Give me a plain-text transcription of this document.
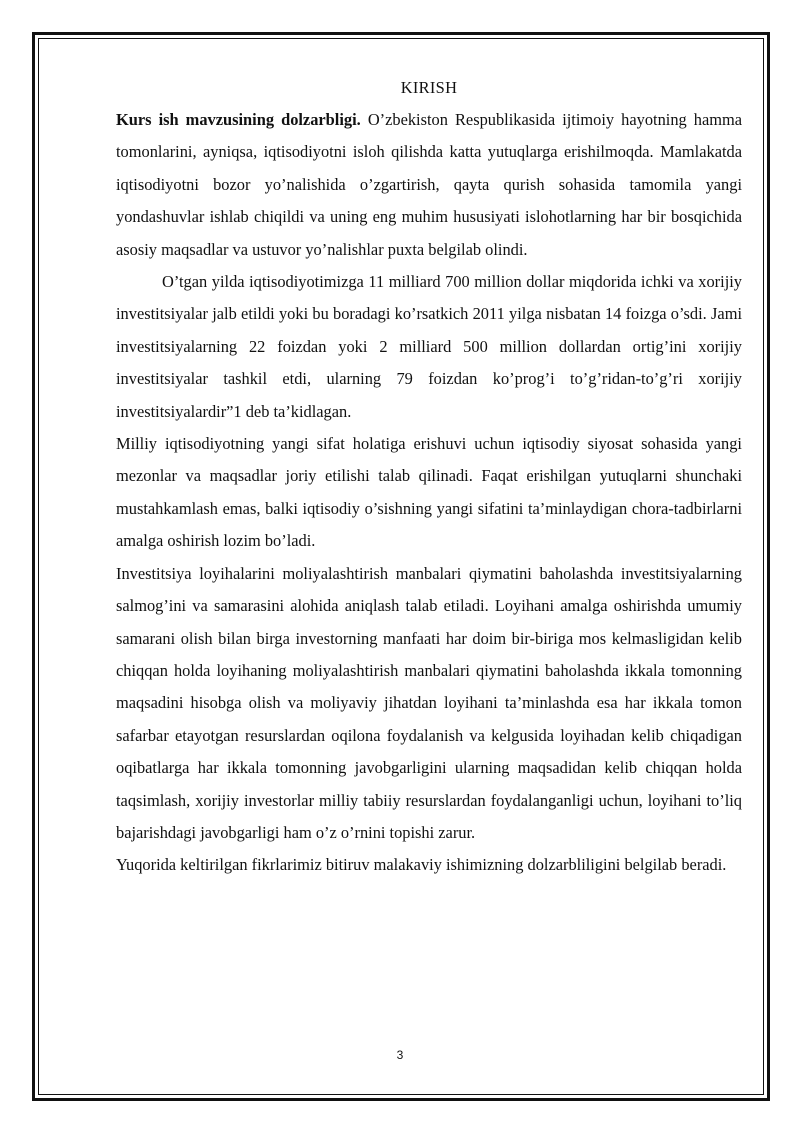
KIRISH

Kurs ish mavzusining dolzarbligi. O’zbekiston Respublikasida ijtimoiy hayotning hamma tomonlarini, ayniqsa, iqtisodiyotni isloh qilishda katta yutuqlarga erishilmoqda. Mamlakatda iqtisodiyotni bozor yo’nalishida o’zgartirish, qayta qurish sohasida tamomila yangi yondashuvlar ishlab chiqildi va uning eng muhim hususiyati islohotlarning har bir bosqichida asosiy maqsadlar va ustuvor yo’nalishlar puxta belgilab olindi.

O’tgan yilda iqtisodiyotimizga 11 milliard 700 million dollar miqdorida ichki va xorijiy investitsiyalar jalb etildi yoki bu boradagi ko’rsatkich 2011 yilga nisbatan 14 foizga o’sdi. Jami investitsiyalarning 22 foizdan yoki 2 milliard 500 million dollardan ortig’ini xorijiy investitsiyalar tashkil etdi, ularning 79 foizdan ko’prog’i to’g’ridan-to’g’ri xorijiy investitsiyalardir”1 deb ta’kidlagan.

Milliy iqtisodiyotning yangi sifat holatiga erishuvi uchun iqtisodiy siyosat sohasida yangi mezonlar va maqsadlar joriy etilishi talab qilinadi. Faqat erishilgan yutuqlarni shunchaki mustahkamlash emas, balki iqtisodiy o’sishning yangi sifatini ta’minlaydigan chora-tadbirlarni amalga oshirish lozim bo’ladi.

Investitsiya loyihalarini moliyalashtirish manbalari qiymatini baholashda investitsiyalarning salmog’ini va samarasini alohida aniqlash talab etiladi. Loyihani amalga oshirishda umumiy samarani olish bilan birga investorning manfaati har doim bir-biriga mos kelmasligidan kelib chiqqan holda loyihaning moliyalashtirish manbalari qiymatini baholashda ikkala tomonning maqsadini hisobga olish va moliyaviy jihatdan loyihani ta’minlashda esa har ikkala tomon safarbar etayotgan resurslardan oqilona foydalanish va kelgusida loyihadan kelib chiqadigan oqibatlarga har ikkala tomonning javobgarligini ularning maqsadidan kelib chiqqan holda taqsimlash, xorijiy investorlar milliy tabiiy resurslardan foydalanganligi uchun, loyihani to’liq bajarishdagi javobgarligi ham o’z o’rnini topishi zarur.

Yuqorida keltirilgan fikrlarimiz bitiruv malakaviy ishimizning dolzarbliligini belgilab beradi.

3
